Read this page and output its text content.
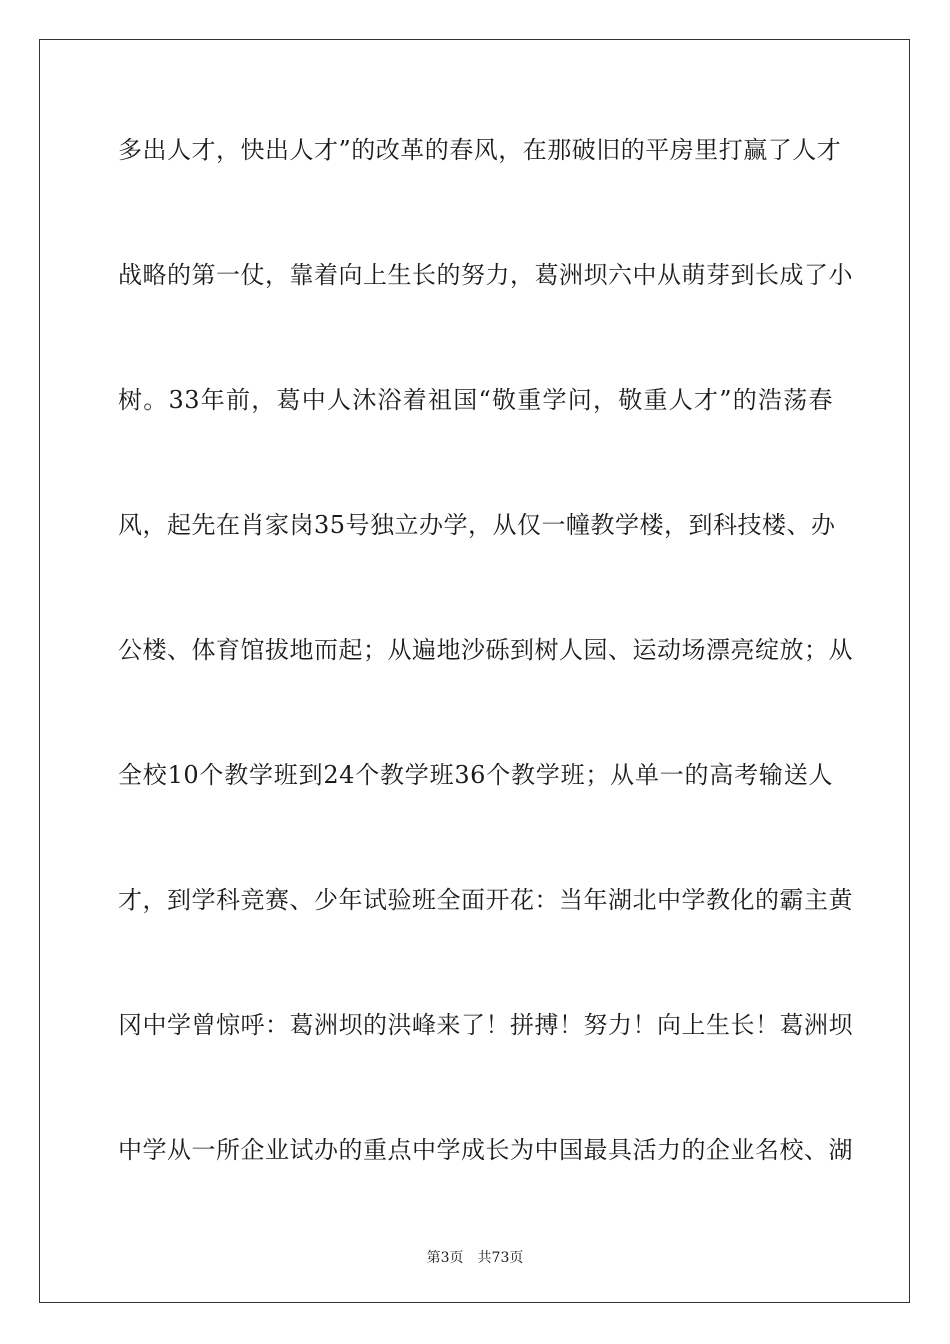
多出人才，快出人才”的改革的春风，在那破旧的平房里打赢了人才
战略的第一仗，靠着向上生长的努力，葛洲坝六中从萌芽到长成了小
树。33年前，葛中人沐浴着祖国“敬重学问，敬重人才”的浩荡春
风，起先在肖家岗35号独立办学，从仅一幢教学楼，到科技楼、办
公楼、体育馆拔地而起；从遍地沙砾到树人园、运动场漂亮绽放；从
全校10个教学班到24个教学班36个教学班；从单一的高考输送人
才，到学科竞赛、少年试验班全面开花：当年湖北中学教化的霸主黄
冈中学曾惊呼：葛洲坝的洪峰来了！拼搏！努力！向上生长！葛洲坝
中学从一所企业试办的重点中学成长为中国最具活力的企业名校、湖
第3页 共73页
